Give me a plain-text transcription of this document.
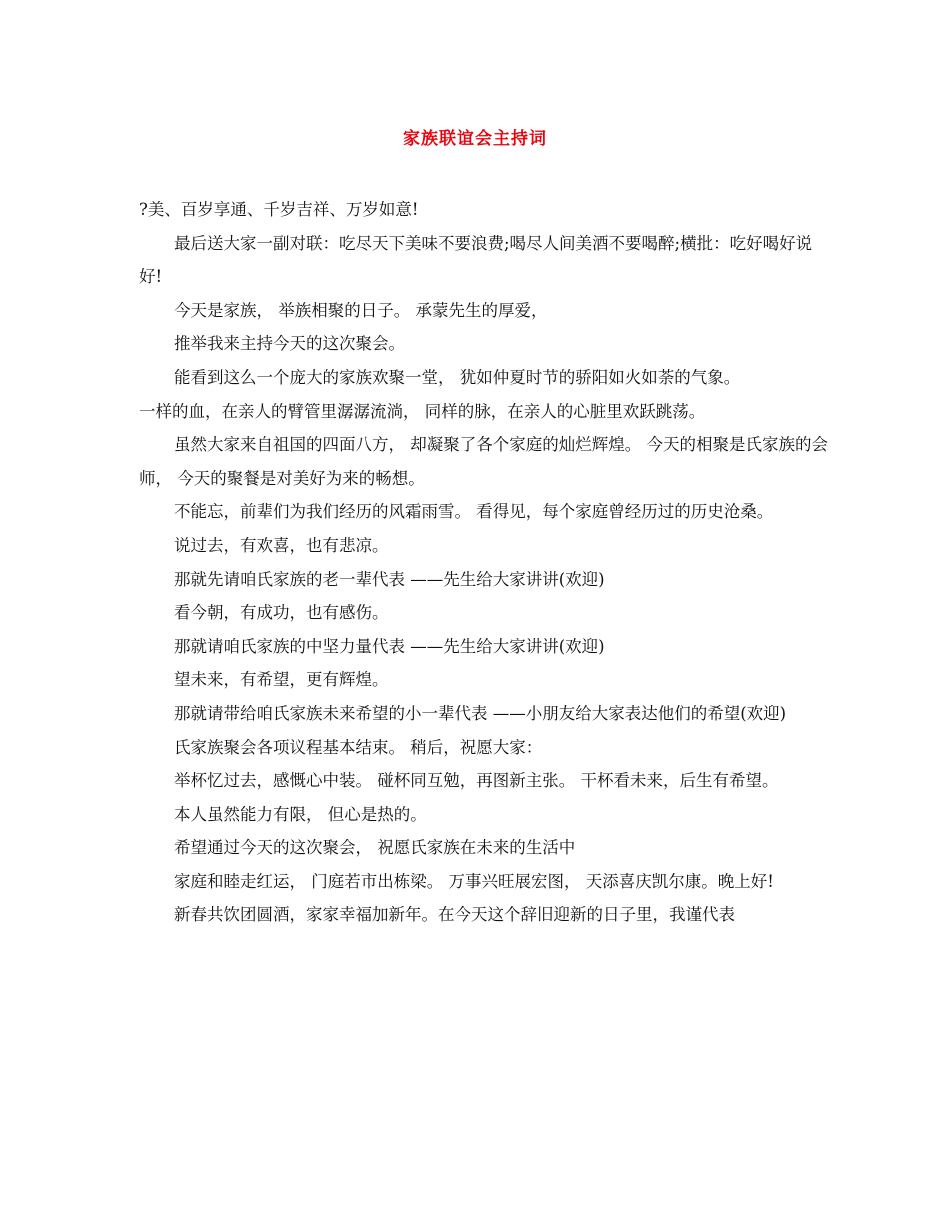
家族联谊会主持词

?美、百岁享通、千岁吉祥、万岁如意!

最后送大家一副对联：吃尽天下美味不要浪费;喝尽人间美酒不要喝醉;横批：吃好喝好说好!

今天是家族， 举族相聚的日子。 承蒙先生的厚爱，

推举我来主持今天的这次聚会。

能看到这么一个庞大的家族欢聚一堂， 犹如仲夏时节的骄阳如火如荼的气象。

一样的血，在亲人的臂管里潺潺流淌， 同样的脉，在亲人的心脏里欢跃跳荡。

虽然大家来自祖国的四面八方， 却凝聚了各个家庭的灿烂辉煌。 今天的相聚是氏家族的会师， 今天的聚餐是对美好为来的畅想。

不能忘，前辈们为我们经历的风霜雨雪。 看得见，每个家庭曾经历过的历史沧桑。

说过去，有欢喜，也有悲凉。

那就先请咱氏家族的老一辈代表 ——先生给大家讲讲(欢迎)

看今朝，有成功，也有感伤。

那就请咱氏家族的中坚力量代表 ——先生给大家讲讲(欢迎)

望未来，有希望，更有辉煌。

那就请带给咱氏家族未来希望的小一辈代表 ——小朋友给大家表达他们的希望(欢迎)

氏家族聚会各项议程基本结束。 稍后，祝愿大家：

举杯忆过去，感慨心中装。 碰杯同互勉，再图新主张。 干杯看未来，后生有希望。

本人虽然能力有限， 但心是热的。

希望通过今天的这次聚会， 祝愿氏家族在未来的生活中

家庭和睦走红运， 门庭若市出栋梁。 万事兴旺展宏图， 天添喜庆凯尔康。晚上好!

新春共饮团圆酒，家家幸福加新年。在今天这个辞旧迎新的日子里，我谨代表
